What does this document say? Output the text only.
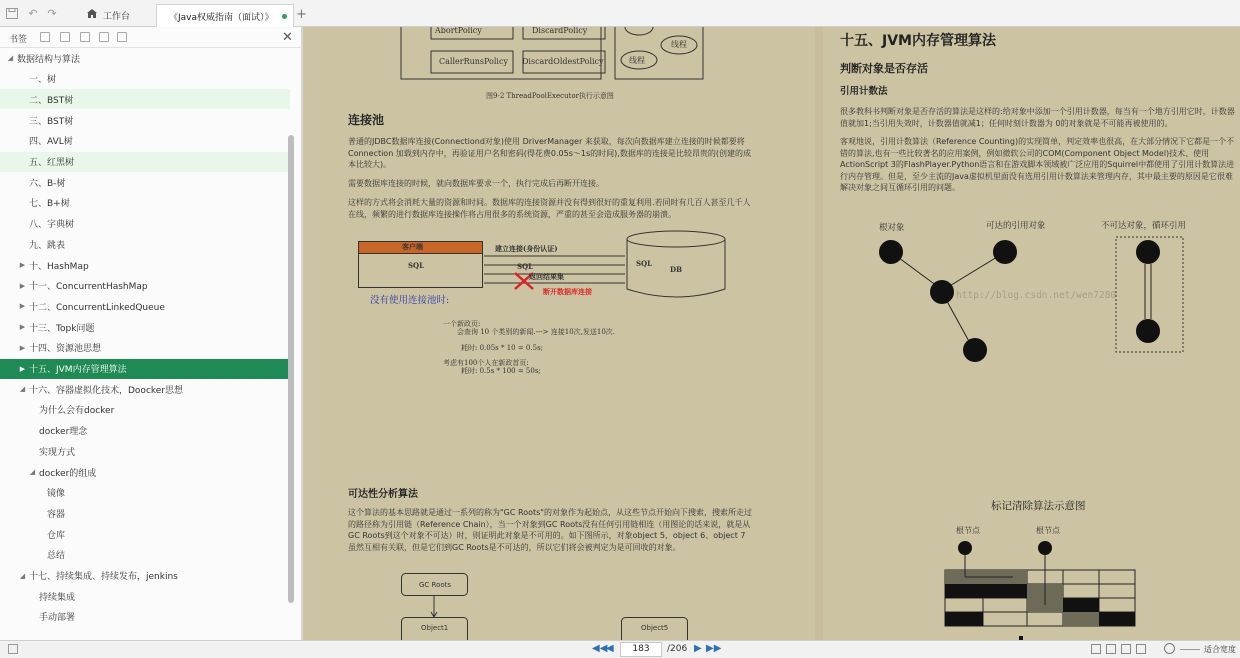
↶ ↷	工作台	《Java权威指南（面试）》 +
书签	✕
◢ 数据结构与算法
一、树
二、BST树
三、BST树
四、AVL树
五、红黑树
六、B-树
七、B+树
八、字典树
九、跳表
▶ 十、HashMap
▶ 十一、ConcurrentHashMap
▶ 十二、ConcurrentLinkedQueue
▶ 十三、Topk问题
▶ 十四、资源池思想
▶ 十五、JVM内存管理算法
◢ 十六、容器虚拟化技术，Doocker思想
为什么会有docker
docker理念
实现方式
◢ docker的组成
镜像
容器
仓库
总结
◢ 十七、持续集成、持续发布，jenkins
持续集成
手动部署
AbortPolicy	DiscardPolicy
CallerRunsPolicy DiscardOldestPolicy
线程
线程
图9-2 ThreadPoolExecutor执行示意图
连接池

普通的JDBC数据库连接(Connectiond对象)使用 DriverManager 来获取，每次向数据库建立连接的时候都要将Connection 加载到内存中，再验证用户名和密码(得花费0.05s～1s的时间),数据库的连接是比较昂贵的(创建的成本比较大)。

需要数据库连接的时候，就向数据库要求一个，执行完成后再断开连接。

这样的方式将会消耗大量的资源和时间。数据库的连接资源并没有得到很好的重复利用.若同时有几百人甚至几千人在线，频繁的进行数据库连接操作将占用很多的系统资源，严重的甚至会造成服务器的崩溃。

客户端
SQL
建立连接(身份认证)
SQL
返回结果集
断开数据库连接
SQL
DB
没有使用连接池时:
一个新政页:
会查询 10 个类别的新闻.---> 连接10次,发送10次.
耗时: 0.05s * 10 = 0.5s;
考虑有100个人在新政首页:
耗时: 0.5s * 100 = 50s;
可达性分析算法

这个算法的基本思路就是通过一系列的称为"GC Roots"的对象作为起始点，从这些节点开始向下搜索，搜索所走过的路径称为引用链（Reference Chain），当一个对象到GC Roots没有任何引用链相连（用图论的话来说，就是从GC Roots到这个对象不可达）时，则证明此对象是不可用的。如下图所示，对象object 5、object 6、object 7虽然互相有关联，但是它们到GC Roots是不可达的，所以它们将会被判定为是可回收的对象。

GC Roots
Object1	Object5
十五、JVM内存管理算法
判断对象是否存活
引用计数法

很多教科书判断对象是否存活的算法是这样的:给对象中添加一个引用计数器，每当有一个地方引用它时，计数器值就加1;当引用失效时，计数器值就减1；任何时刻计数器为 0的对象就是不可能再被使用的。

客观地说，引用计数算法（Reference Counting)的实现简单，判定效率也很高，在大部分情况下它都是一个不错的算法,也有一些比较著名的应用案例，例如微软公司的COM(Component Object Model)技术、使用ActionScript 3的FlashPlayer.Python语言和在游戏脚本领域被广泛应用的Squirrel中都使用了引用计数算法进行内存管理。但是，至少主流的Java虚拟机里面没有选用引用计数算法来管理内存，其中最主要的原因是它很难解决对象之间互循环引用的问题。

根对象	可达的引用对象	不可达对象，循环引用
http://blog.csdn.net/wen7280
标记清除算法示意图
根节点	根节点
◀◀
◀	183	/206 ▶ ▶▶	适合宽度
